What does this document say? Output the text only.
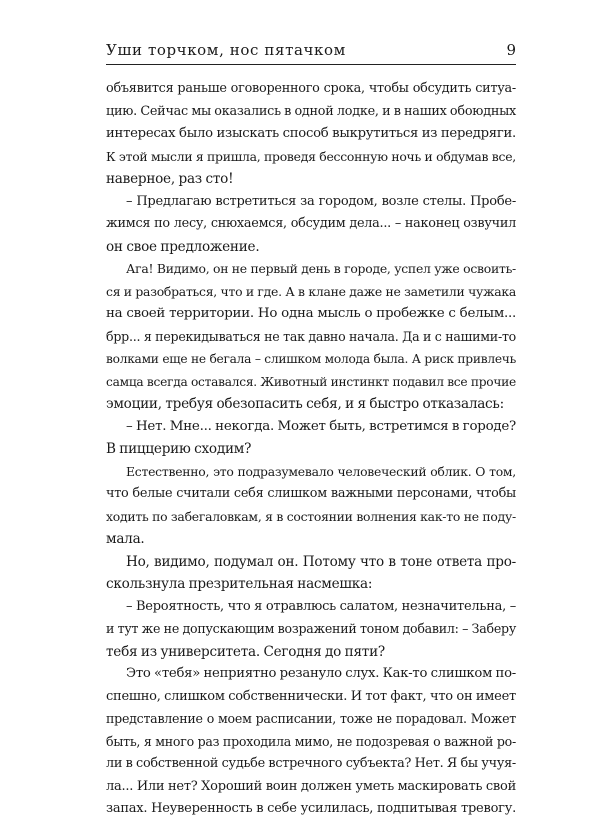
Уши торчком, нос пятачком	9
объявится раньше оговоренного срока, чтобы обсудить ситуа-
цию. Сейчас мы оказались в одной лодке, и в наших обоюдных
интересах было изыскать способ выкрутиться из передряги.
К этой мысли я пришла, проведя бессонную ночь и обдумав все,
наверное, раз сто!
– Предлагаю встретиться за городом, возле стелы. Пробе-
жимся по лесу, снюхаемся, обсудим дела... – наконец озвучил
он свое предложение.
Ага! Видимо, он не первый день в городе, успел уже освоить-
ся и разобраться, что и где. А в клане даже не заметили чужака
на своей территории. Но одна мысль о пробежке с белым...
брр... я перекидываться не так давно начала. Да и с нашими-то
волками еще не бегала – слишком молода была. А риск привлечь
самца всегда оставался. Животный инстинкт подавил все прочие
эмоции, требуя обезопасить себя, и я быстро отказалась:
– Нет. Мне... некогда. Может быть, встретимся в городе?
В пиццерию сходим?
Естественно, это подразумевало человеческий облик. О том,
что белые считали себя слишком важными персонами, чтобы
ходить по забегаловкам, я в состоянии волнения как-то не поду-
мала.
Но, видимо, подумал он. Потому что в тоне ответа про-
скользнула презрительная насмешка:
– Вероятность, что я отравлюсь салатом, незначительна, –
и тут же не допускающим возражений тоном добавил: – Заберу
тебя из университета. Сегодня до пяти?
Это «тебя» неприятно резануло слух. Как-то слишком по-
спешно, слишком собственнически. И тот факт, что он имеет
представление о моем расписании, тоже не порадовал. Может
быть, я много раз проходила мимо, не подозревая о важной ро-
ли в собственной судьбе встречного субъекта? Нет. Я бы учуя-
ла... Или нет? Хороший воин должен уметь маскировать свой
запах. Неуверенность в себе усилилась, подпитывая тревогу.
